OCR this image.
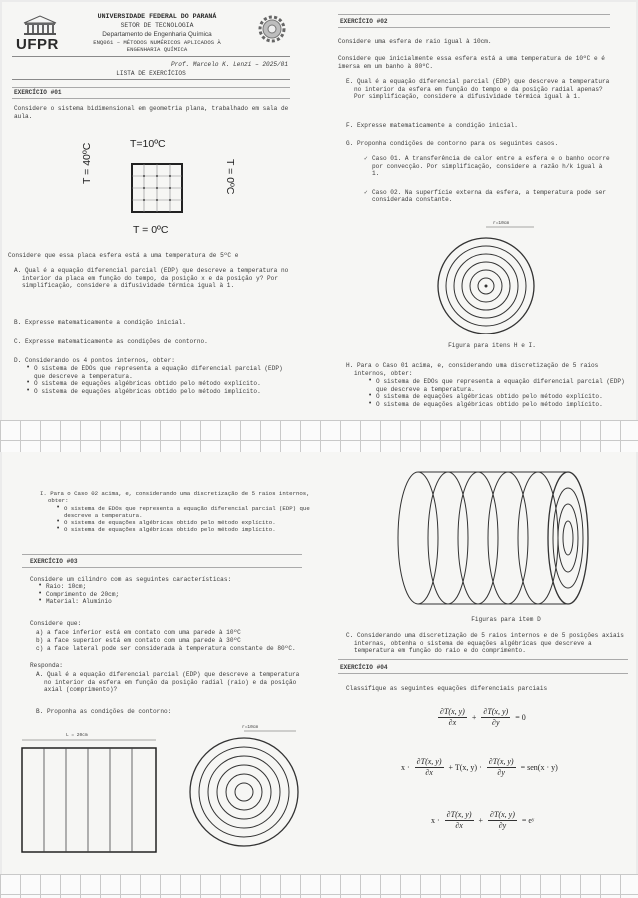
UFPR
UNIVERSIDADE FEDERAL DO PARANÁ
SETOR DE TECNOLOGIA
Departamento de Engenharia Química
ENQ061 – MÉTODOS NUMÉRICOS APLICADOS À
ENGENHARIA QUÍMICA
Prof. Marcelo K. Lenzi – 2025/01
LISTA DE EXERCÍCIOS
EXERCÍCIO #01
Considere o sistema bidimensional em geometria plana, trabalhado em sala de aula.
T=10ºC
T = 0ºC
T = 40ºC	T = 0ºC
Considere que essa placa esfera está a uma temperatura de 5ºC e
A. Qual é a equação diferencial parcial (EDP) que descreve a temperatura no interior da placa em função do tempo, da posição x e da posição y? Por simplificação, considere a difusividade térmica igual à 1.
B. Expresse matematicamente a condição inicial.
C. Expresse matematicamente as condições de contorno.
D. Considerando os 4 pontos internos, obter:
• O sistema de EDOs que representa a equação diferencial parcial (EDP) que descreve a temperatura.
• O sistema de equações algébricas obtido pelo método explícito.
• O sistema de equações algébricas obtido pelo método implícito.
EXERCÍCIO #02
Considere uma esfera de raio igual à 10cm.
Considere que inicialmente essa esfera está a uma temperatura de 10ºC e é imersa em um banho à 80ºC.
E. Qual é a equação diferencial parcial (EDP) que descreve a temperatura no interior da esfera em função do tempo e da posição radial apenas? Por simplificação, considere a difusividade térmica igual à 1.
F. Expresse matematicamente a condição inicial.
G. Proponha condições de contorno para os seguintes casos.
✓ Caso 01. A transferência de calor entre a esfera e o banho ocorre por convecção. Por simplificação, considere a razão h/k igual à 1.
✓ Caso 02. Na superfície externa da esfera, a temperatura pode ser considerada constante.
r=10cm
Figura para itens H e I.
H. Para o Caso 01 acima, e, considerando uma discretização de 5 raios internos, obter:
• O sistema de EDOs que representa a equação diferencial parcial (EDP) que descreve a temperatura.
• O sistema de equações algébricas obtido pelo método explícito.
• O sistema de equações algébricas obtido pelo método implícito.
I. Para o Caso 02 acima, e, considerando uma discretização de 5 raios internos, obter:
• O sistema de EDOs que representa a equação diferencial parcial (EDP) que descreve a temperatura.
• O sistema de equações algébricas obtido pelo método explícito.
• O sistema de equações algébricas obtido pelo método implícito.
EXERCÍCIO #03
Considere um cilindro com as seguintes características:
• Raio: 10cm;
• Comprimento de 20cm;
• Material: Alumínio
Considere que:
a) a face inferior está em contato com uma parede à 10ºC
b) a face superior está em contato com uma parede à 30ºC
c) a face lateral pode ser considerada à temperatura constante de 80ºC.
Responda:
A. Qual é a equação diferencial parcial (EDP) que descreve a temperatura no interior da esfera em função da posição radial (raio) e da posição axial (comprimento)?
B. Proponha as condições de contorno:
L = 20cm
r=10cm
Figuras para item D
C. Considerando uma discretização de 5 raios internos e de 5 posições axiais internas, obtenha o sistema de equações algébricas que descreve a temperatura em função do raio e do comprimento.
EXERCÍCIO #04
Classifique as seguintes equações diferenciais parciais
$\frac{\partial T(x, y)}{\partial x} + \frac{\partial T(x, y)}{\partial y} = 0$
$x \cdot \frac{\partial T(x, y)}{\partial x} + T(x$, $y) \cdot \frac{\partial T(x, y)}{\partial y} = sen(x \cdot y)$
$x \cdot \frac{\partial T(x, y)}{\partial x} + \frac{\partial T(x, y)}{\partial y}$ = eʸ
